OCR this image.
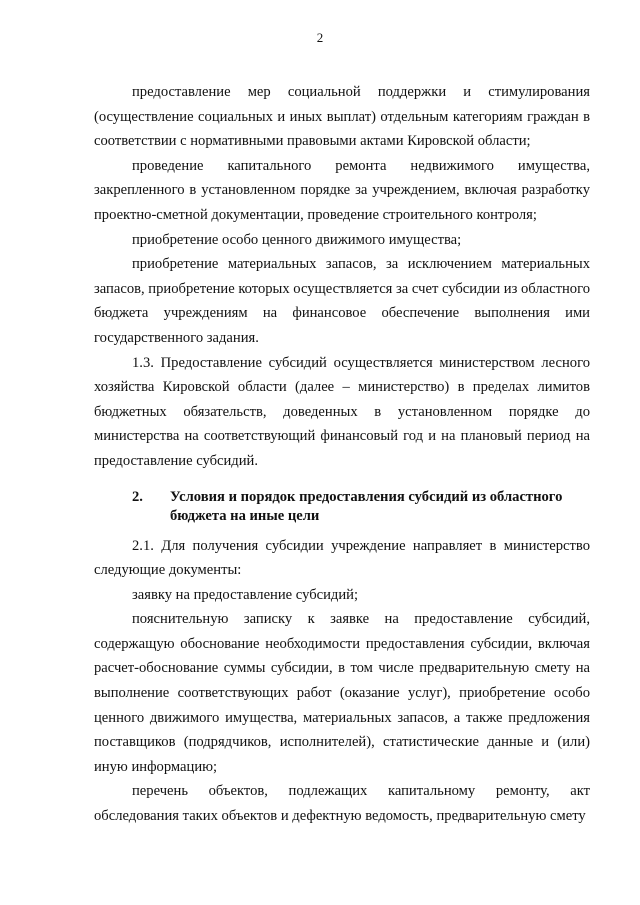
2

предоставление мер социальной поддержки и стимулирования (осуществление социальных и иных выплат) отдельным категориям граждан в соответствии с нормативными правовыми актами Кировской области;

проведение капитального ремонта недвижимого имущества, закрепленного в установленном порядке за учреждением, включая разработку проектно-сметной документации, проведение строительного контроля;

приобретение особо ценного движимого имущества;

приобретение материальных запасов, за исключением материальных запасов, приобретение которых осуществляется за счет субсидии из областного бюджета учреждениям на финансовое обеспечение выполнения ими государственного задания.

1.3. Предоставление субсидий осуществляется министерством лесного хозяйства Кировской области (далее – министерство) в пределах лимитов бюджетных обязательств, доведенных в установленном порядке до министерства на соответствующий финансовый год и на плановый период на предоставление субсидий.

2.	Условия и порядок предоставления субсидий из областного бюджета на иные цели

2.1. Для получения субсидии учреждение направляет в министерство следующие документы:

заявку на предоставление субсидий;

пояснительную записку к заявке на предоставление субсидий, содержащую обоснование необходимости предоставления субсидии, включая расчет-обоснование суммы субсидии, в том числе предварительную смету на выполнение соответствующих работ (оказание услуг), приобретение особо ценного движимого имущества, материальных запасов, а также предложения поставщиков (подрядчиков, исполнителей), статистические данные и (или) иную информацию;

перечень объектов, подлежащих капитальному ремонту, акт обследования таких объектов и дефектную ведомость, предварительную смету
